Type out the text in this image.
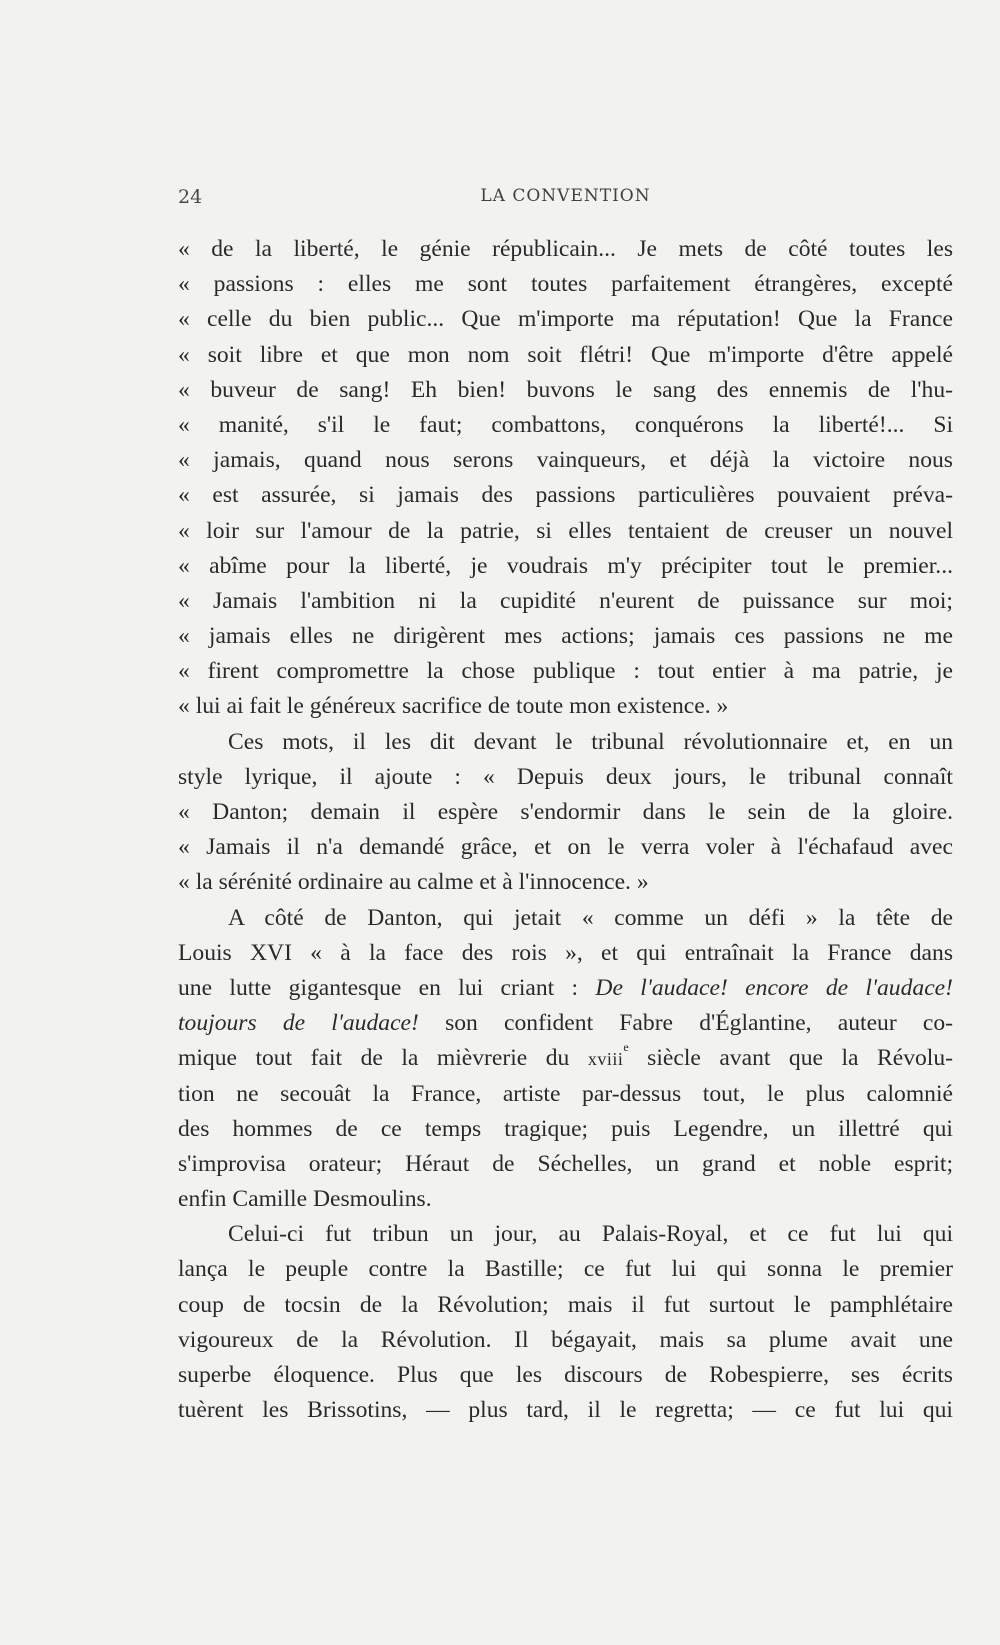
24	LA CONVENTION
« de la liberté, le génie républicain... Je mets de côté toutes les
« passions : elles me sont toutes parfaitement étrangères, excepté
« celle du bien public... Que m'importe ma réputation! Que la France
« soit libre et que mon nom soit flétri! Que m'importe d'être appelé
« buveur de sang! Eh bien! buvons le sang des ennemis de l'hu-
« manité, s'il le faut; combattons, conquérons la liberté!... Si
« jamais, quand nous serons vainqueurs, et déjà la victoire nous
« est assurée, si jamais des passions particulières pouvaient préva-
« loir sur l'amour de la patrie, si elles tentaient de creuser un nouvel
« abîme pour la liberté, je voudrais m'y précipiter tout le premier...
« Jamais l'ambition ni la cupidité n'eurent de puissance sur moi;
« jamais elles ne dirigèrent mes actions; jamais ces passions ne me
« firent compromettre la chose publique : tout entier à ma patrie, je
« lui ai fait le généreux sacrifice de toute mon existence. »
Ces mots, il les dit devant le tribunal révolutionnaire et, en un
style lyrique, il ajoute : « Depuis deux jours, le tribunal connaît
« Danton; demain il espère s'endormir dans le sein de la gloire.
« Jamais il n'a demandé grâce, et on le verra voler à l'échafaud avec
« la sérénité ordinaire au calme et à l'innocence. »
A côté de Danton, qui jetait « comme un défi » la tête de
Louis XVI « à la face des rois », et qui entraînait la France dans
une lutte gigantesque en lui criant : De l'audace! encore de l'audace!
toujours de l'audace! son confident Fabre d'Églantine, auteur co-
mique tout fait de la mièvrerie du xviii$^e$ siècle avant que la Révolu-
tion ne secouât la France, artiste par-dessus tout, le plus calomnié
des hommes de ce temps tragique; puis Legendre, un illettré qui
s'improvisa orateur; Héraut de Séchelles, un grand et noble esprit;
enfin Camille Desmoulins.
Celui-ci fut tribun un jour, au Palais-Royal, et ce fut lui qui
lança le peuple contre la Bastille; ce fut lui qui sonna le premier
coup de tocsin de la Révolution; mais il fut surtout le pamphlétaire
vigoureux de la Révolution. Il bégayait, mais sa plume avait une
superbe éloquence. Plus que les discours de Robespierre, ses écrits
tuèrent les Brissotins, — plus tard, il le regretta; — ce fut lui qui
